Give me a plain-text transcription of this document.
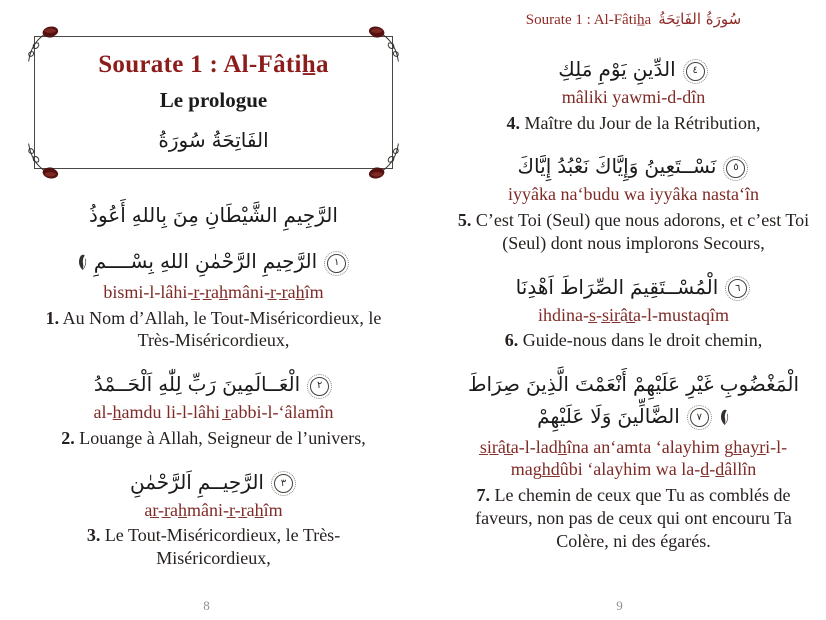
Sourate 1 : Al-Fâtih̲a
Le prologue
سُورَةُ الفَاتِحَةُ
أَعُوذُ بِاللهِ مِنَ الشَّيْطَانِ الرَّجِيمِ
بِسْــــمِ اللهِ الرَّحْمٰنِ الرَّحِيمِ ١
bismi-l-lâhi-r̲-r̲ah̲mâni-r̲-r̲ah̲îm
1. Au Nom d’Allah, le Tout-Miséricordieux, le Très-Miséricordieux,
اَلْحَــمْدُ لِلّٰهِ رَبِّ الْعَــالَمِينَ ٢
al-h̲amdu li-l-lâhi r̲abbi-l-‘âlamîn
2. Louange à Allah, Seigneur de l’univers,
اَلرَّحْمٰنِ الرَّحِيــمِ ٣
ar̲-r̲ah̲mâni-r̲-r̲ah̲îm
3. Le Tout-Miséricordieux, le Très-Miséricordieux,
8
Sourate 1 : Al-Fâtih̲a سُورَةُ الفَاتِحَةُ
مَلِكِ يَوْمِ الدِّينِ ٤
mâliki yawmi-d-dîn
4. Maître du Jour de la Rétribution,
إِيَّاكَ نَعْبُدُ وَإِيَّاكَ نَسْــتَعِينُ ٥
iyyâka na‘budu wa iyyâka nasta‘în
5. C’est Toi (Seul) que nous adorons, et c’est Toi (Seul) dont nous implorons Secours,
اَهْدِنَا الصِّرَاطَ الْمُسْــتَقِيمَ ٦
ihdina-s̲-s̲ir̲ât̲a-l-mustaqîm
6. Guide-nous dans le droit chemin,
صِرَاطَ الَّذِينَ أَنْعَمْتَ عَلَيْهِمْ غَيْرِ الْمَغْضُوبِعَلَيْهِمْ وَلَا الضَّالِّينَ ٧
s̲ir̲ât̲a-l-ladh̲îna an‘amta ‘alayhim gh̲ayr̲i-l-magh̲d̲ûbi ‘alayhim wa la-d̲-d̲âllîn
7. Le chemin de ceux que Tu as comblés de faveurs, non pas de ceux qui ont encouru Ta Colère, ni des égarés.
9
